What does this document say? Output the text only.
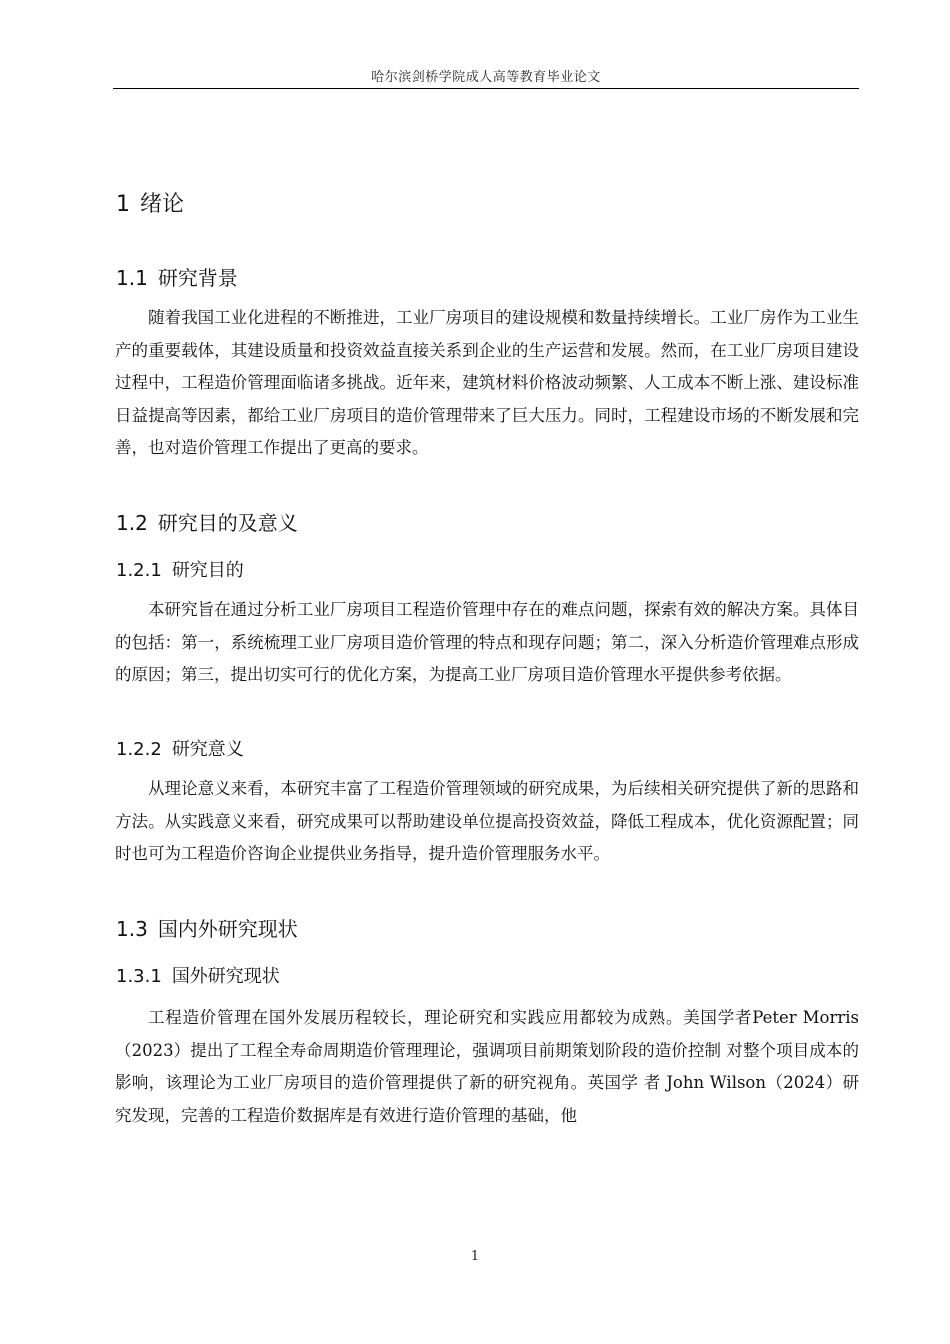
哈尔滨剑桥学院成人高等教育毕业论文
1 绪论
1.1 研究背景

随着我国工业化进程的不断推进，工业厂房项目的建设规模和数量持续增长。工业厂房作为工业生产的重要载体，其建设质量和投资效益直接关系到企业的生产运营和发展。然而，在工业厂房项目建设过程中，工程造价管理面临诸多挑战。近年来，建筑材料价格波动频繁、人工成本不断上涨、建设标准日益提高等因素，都给工业厂房项目的造价管理带来了巨大压力。同时，工程建设市场的不断发展和完善，也对造价管理工作提出了更高的要求。

1.2 研究目的及意义
1.2.1 研究目的

本研究旨在通过分析工业厂房项目工程造价管理中存在的难点问题，探索有效的解决方案。具体目的包括：第一，系统梳理工业厂房项目造价管理的特点和现存问题；第二，深入分析造价管理难点形成的原因；第三，提出切实可行的优化方案，为提高工业厂房项目造价管理水平提供参考依据。

1.2.2 研究意义

从理论意义来看，本研究丰富了工程造价管理领域的研究成果，为后续相关研究提供了新的思路和方法。从实践意义来看，研究成果可以帮助建设单位提高投资效益，降低工程成本，优化资源配置；同时也可为工程造价咨询企业提供业务指导，提升造价管理服务水平。

1.3 国内外研究现状
1.3.1 国外研究现状

工程造价管理在国外发展历程较长，理论研究和实践应用都较为成熟。美国学者Peter Morris（2023）提出了工程全寿命周期造价管理理论，强调项目前期策划阶段的造价控制 对整个项目成本的影响，该理论为工业厂房项目的造价管理提供了新的研究视角。英国学 者 John Wilson（2024）研究发现，完善的工程造价数据库是有效进行造价管理的基础，他

1
